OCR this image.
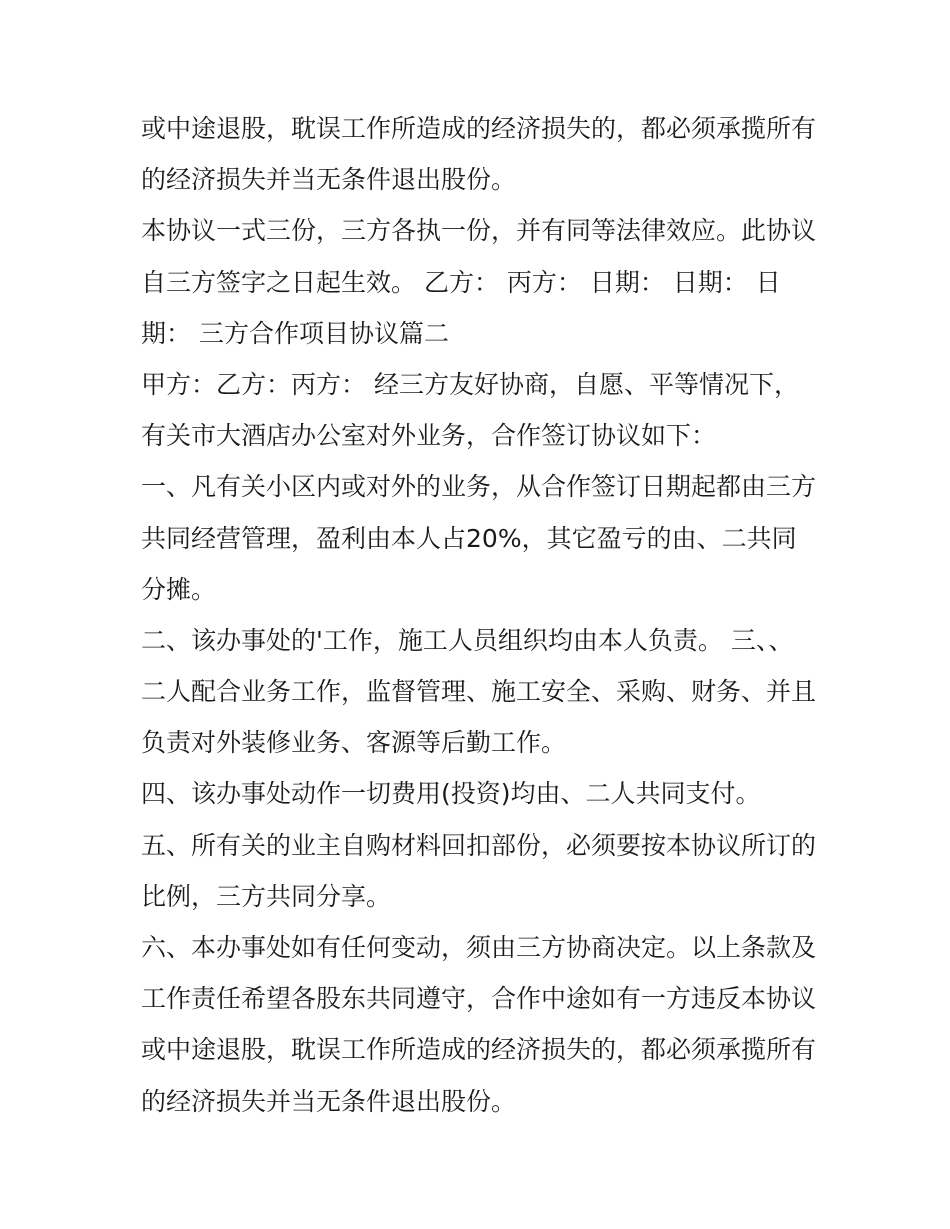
或中途退股，耽误工作所造成的经济损失的，都必须承揽所有
的经济损失并当无条件退出股份。
本协议一式三份，三方各执一份，并有同等法律效应。此协议
自三方签字之日起生效。 乙方： 丙方： 日期： 日期： 日
期： 三方合作项目协议篇二
甲方：乙方：丙方： 经三方友好协商，自愿、平等情况下，
有关市大酒店办公室对外业务，合作签订协议如下：
一、凡有关小区内或对外的业务，从合作签订日期起都由三方
共同经营管理，盈利由本人占20%，其它盈亏的由、二共同
分摊。
二、该办事处的'工作，施工人员组织均由本人负责。 三、、
二人配合业务工作，监督管理、施工安全、采购、财务、并且
负责对外装修业务、客源等后勤工作。
四、该办事处动作一切费用(投资)均由、二人共同支付。
五、所有关的业主自购材料回扣部份，必须要按本协议所订的
比例，三方共同分享。
六、本办事处如有任何变动，须由三方协商决定。以上条款及
工作责任希望各股东共同遵守，合作中途如有一方违反本协议
或中途退股，耽误工作所造成的经济损失的，都必须承揽所有
的经济损失并当无条件退出股份。
